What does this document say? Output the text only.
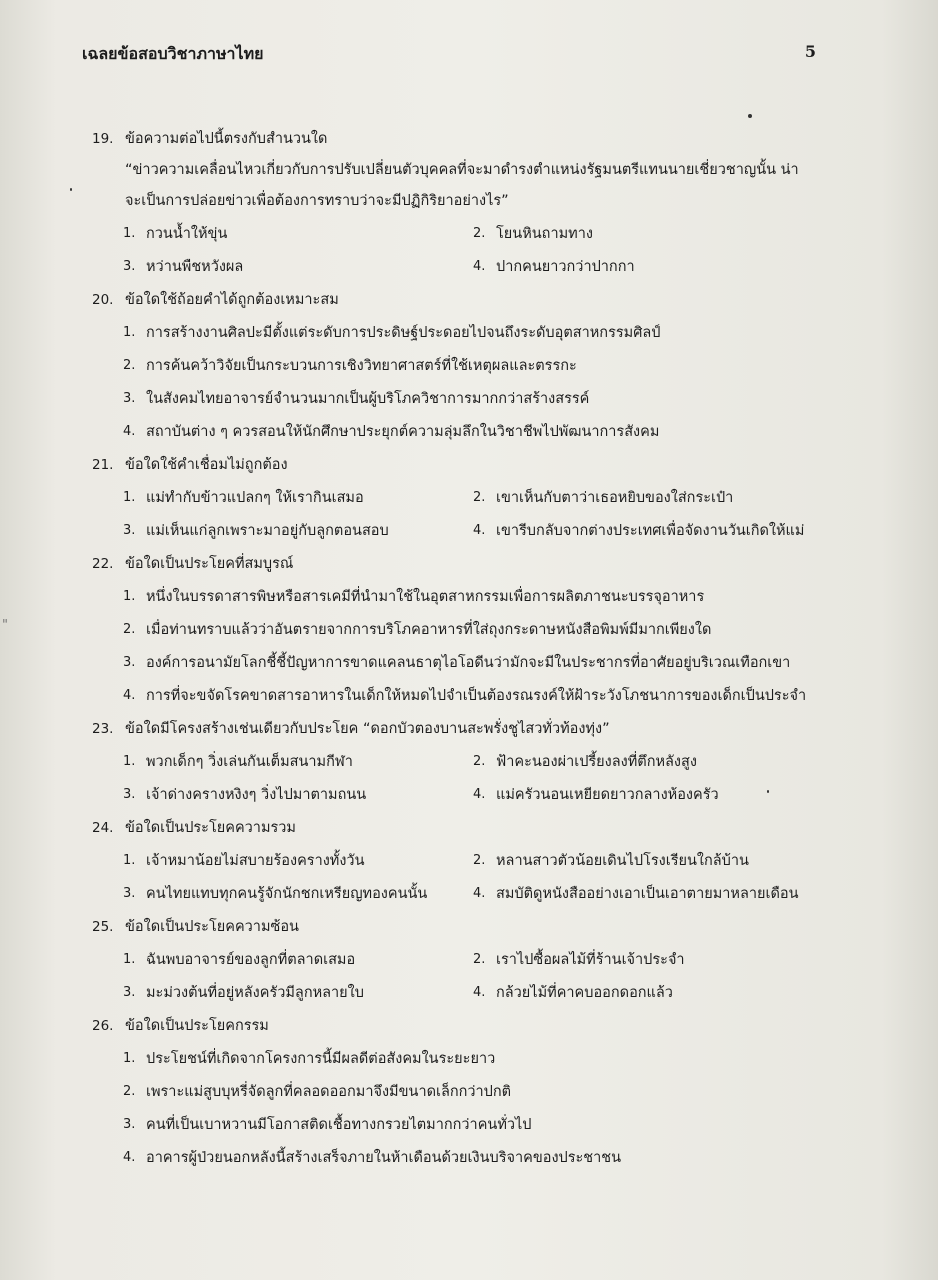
เฉลยข้อสอบวิชาภาษาไทย	5
"
19. ข้อความต่อไปนี้ตรงกับสำนวนใด

“ข่าวความเคลื่อนไหวเกี่ยวกับการปรับเปลี่ยนตัวบุคคลที่จะมาดำรงตำแหน่งรัฐมนตรีแทนนายเชี่ยวชาญนั้น น่า

จะเป็นการปล่อยข่าวเพื่อต้องการทราบว่าจะมีปฏิกิริยาอย่างไร”

1. กวนน้ำให้ขุ่น	2. โยนหินถามทาง
3. หว่านพืชหวังผล	4. ปากคนยาวกว่าปากกา
20. ข้อใดใช้ถ้อยคำได้ถูกต้องเหมาะสม
1. การสร้างงานศิลปะมีตั้งแต่ระดับการประดิษฐ์ประดอยไปจนถึงระดับอุตสาหกรรมศิลป์
2. การค้นคว้าวิจัยเป็นกระบวนการเชิงวิทยาศาสตร์ที่ใช้เหตุผลและตรรกะ
3. ในสังคมไทยอาจารย์จำนวนมากเป็นผู้บริโภควิชาการมากกว่าสร้างสรรค์
4. สถาบันต่าง ๆ ควรสอนให้นักศึกษาประยุกต์ความลุ่มลึกในวิชาชีพไปพัฒนาการสังคม
21. ข้อใดใช้คำเชื่อมไม่ถูกต้อง
1. แม่ทำกับข้าวแปลกๆ ให้เรากินเสมอ	2. เขาเห็นกับตาว่าเธอหยิบของใส่กระเป๋า
3. แม่เห็นแก่ลูกเพราะมาอยู่กับลูกตอนสอบ	4. เขารีบกลับจากต่างประเทศเพื่อจัดงานวันเกิดให้แม่
22. ข้อใดเป็นประโยคที่สมบูรณ์
1. หนึ่งในบรรดาสารพิษหรือสารเคมีที่นำมาใช้ในอุตสาหกรรมเพื่อการผลิตภาชนะบรรจุอาหาร
2. เมื่อท่านทราบแล้วว่าอันตรายจากการบริโภคอาหารที่ใส่ถุงกระดาษหนังสือพิมพ์มีมากเพียงใด
3. องค์การอนามัยโลกชี้ชี้ปัญหาการขาดแคลนธาตุไอโอดีนว่ามักจะมีในประชากรที่อาศัยอยู่บริเวณเทือกเขา
4. การที่จะขจัดโรคขาดสารอาหารในเด็กให้หมดไปจำเป็นต้องรณรงค์ให้ฝ้าระวังโภชนาการของเด็กเป็นประจำ
23. ข้อใดมีโครงสร้างเช่นเดียวกับประโยค “ดอกบัวตองบานสะพรั่งชูไสวทั่วท้องทุ่ง”
1. พวกเด็กๆ วิ่งเล่นกันเต็มสนามกีฬา	2. ฟ้าคะนองผ่าเปรี้ยงลงที่ตึกหลังสูง
3. เจ้าด่างครางหงิงๆ วิ่งไปมาตามถนน	4. แม่ครัวนอนเหยียดยาวกลางห้องครัว
24. ข้อใดเป็นประโยคความรวม
1. เจ้าหมาน้อยไม่สบายร้องครางทั้งวัน	2. หลานสาวตัวน้อยเดินไปโรงเรียนใกล้บ้าน
3. คนไทยแทบทุกคนรู้จักนักชกเหรียญทองคนนั้น	4. สมบัติดูหนังสืออย่างเอาเป็นเอาตายมาหลายเดือน
25. ข้อใดเป็นประโยคความซ้อน
1. ฉันพบอาจารย์ของลูกที่ตลาดเสมอ	2. เราไปซื้อผลไม้ที่ร้านเจ้าประจำ
3. มะม่วงต้นที่อยู่หลังครัวมีลูกหลายใบ	4. กล้วยไม้ที่คาคบออกดอกแล้ว
26. ข้อใดเป็นประโยคกรรม
1. ประโยชน์ที่เกิดจากโครงการนี้มีผลดีต่อสังคมในระยะยาว
2. เพราะแม่สูบบุหรี่จัดลูกที่คลอดออกมาจึงมีขนาดเล็กกว่าปกติ
3. คนที่เป็นเบาหวานมีโอกาสติดเชื้อทางกรวยไตมากกว่าคนทั่วไป
4. อาคารผู้ป่วยนอกหลังนี้สร้างเสร็จภายในห้าเดือนด้วยเงินบริจาคของประชาชน
